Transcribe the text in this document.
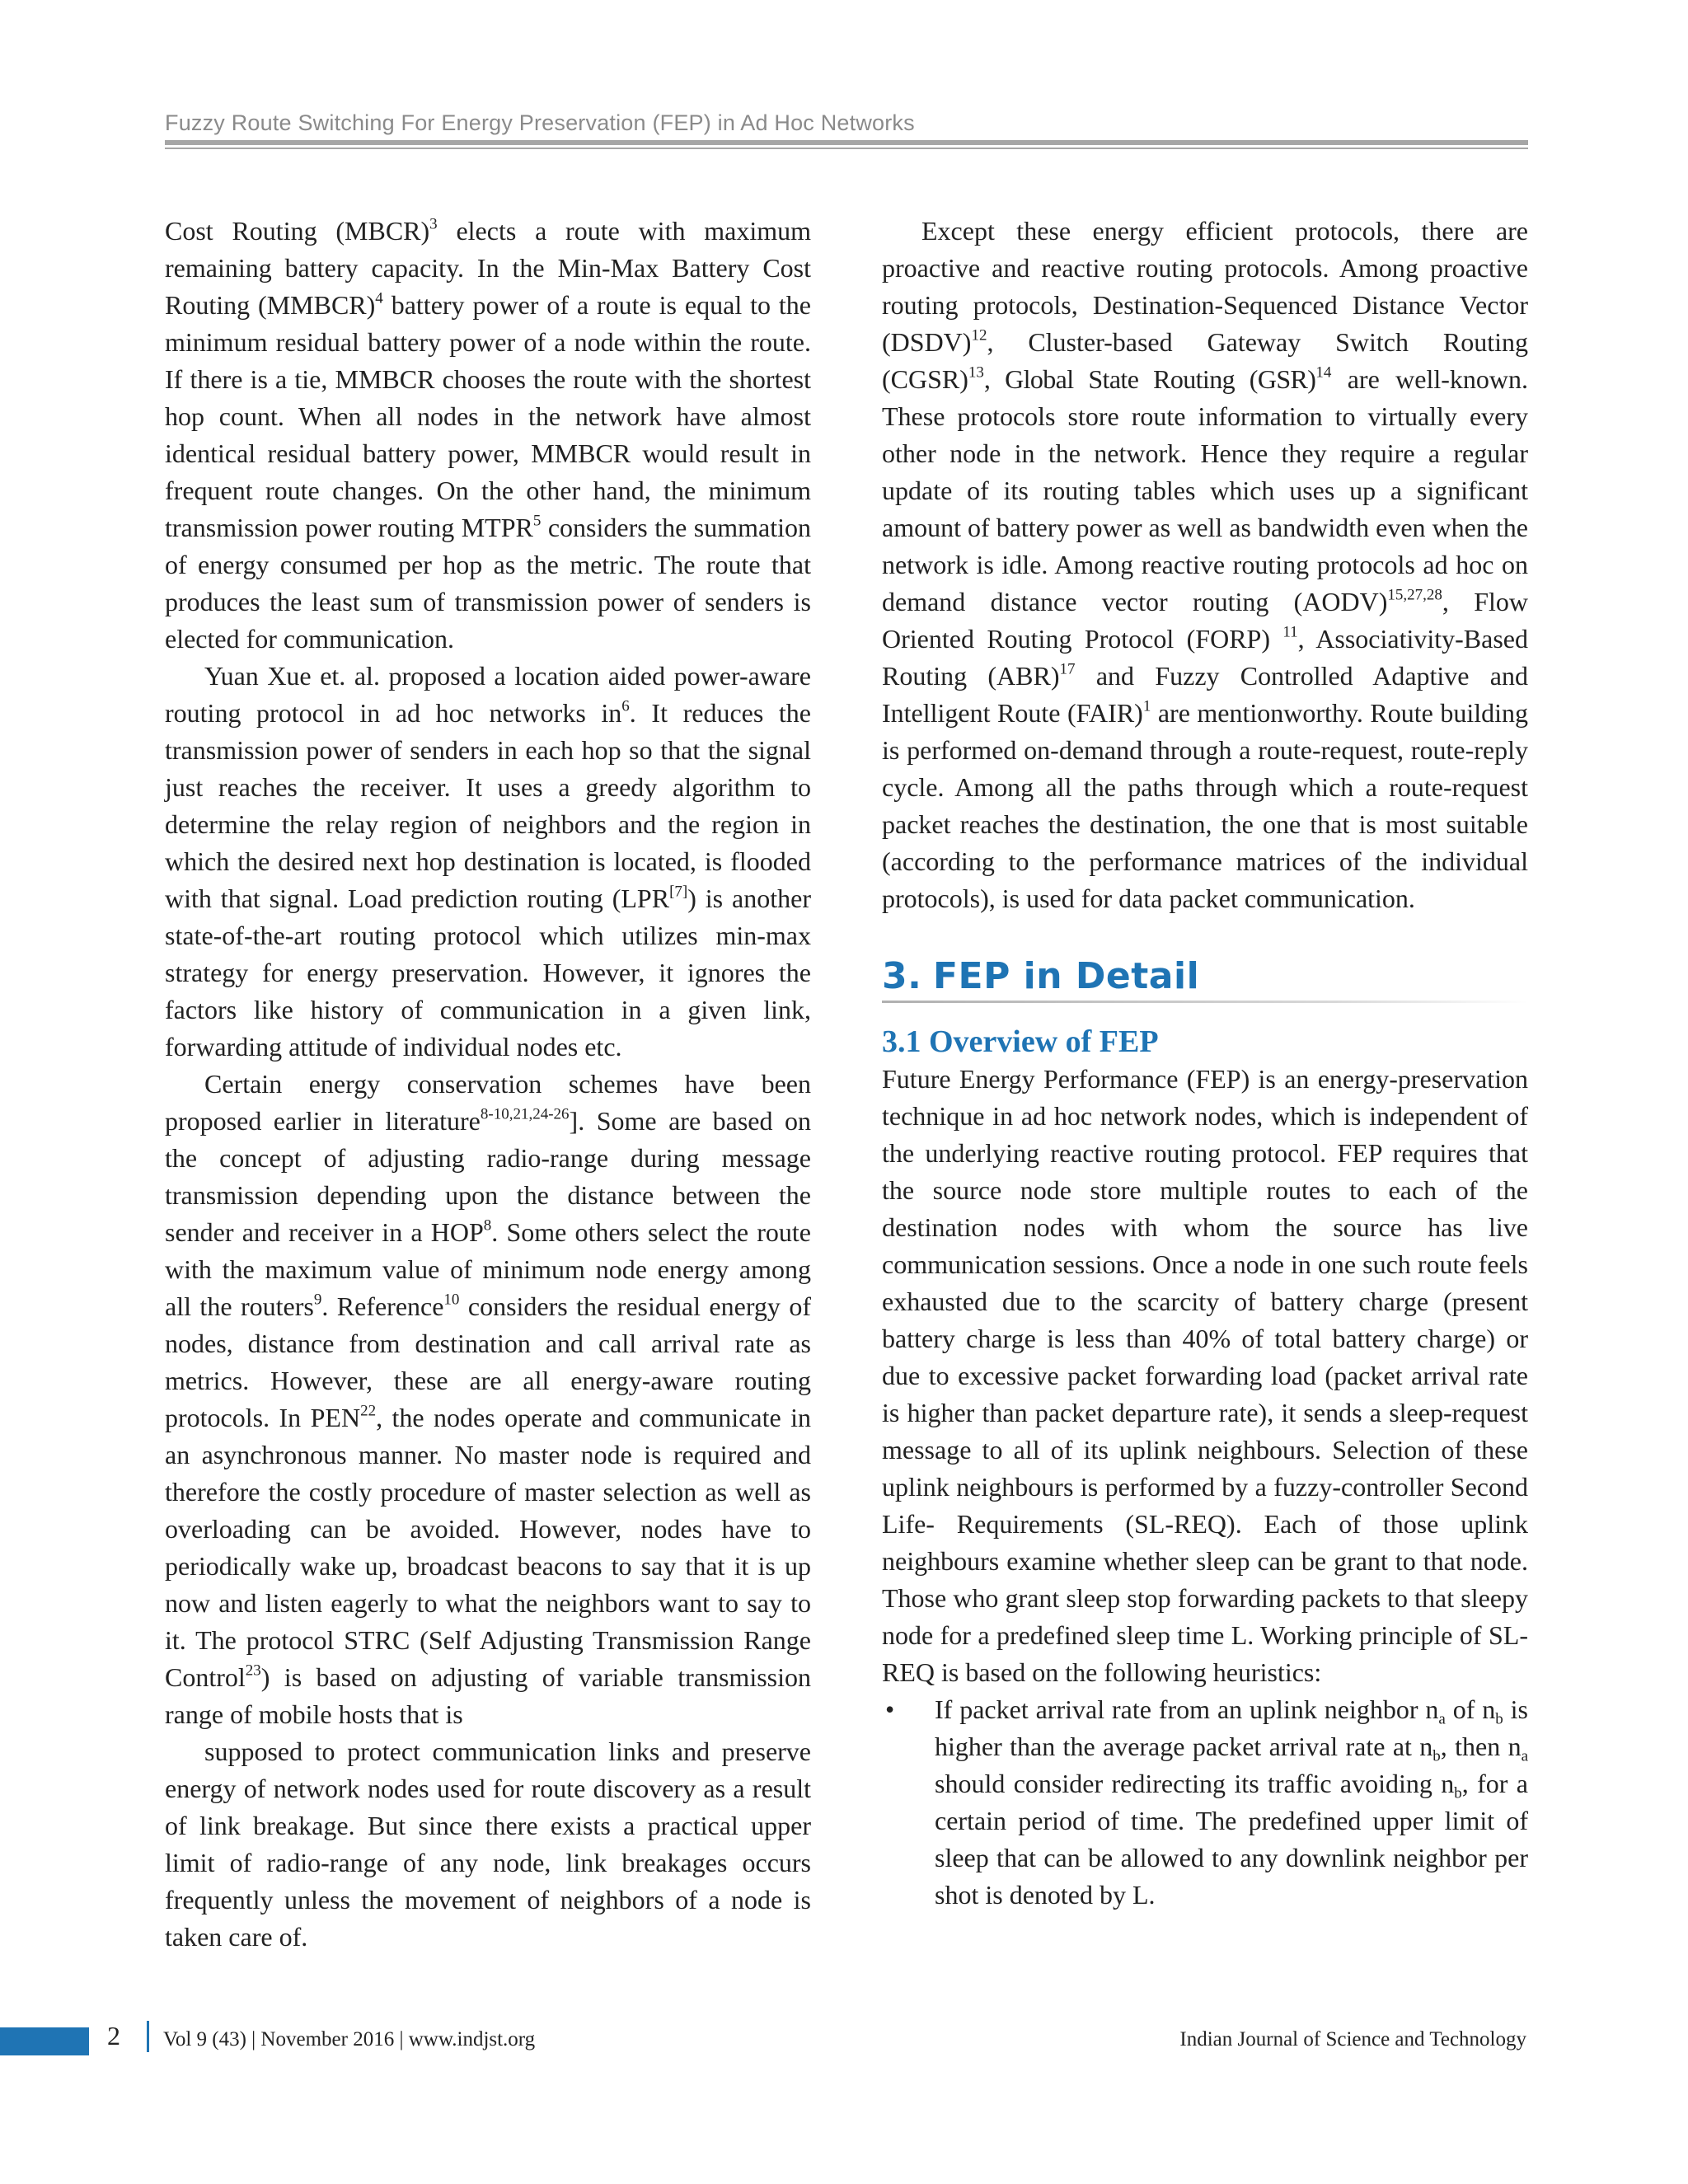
Fuzzy Route Switching For Energy Preservation (FEP) in Ad Hoc Networks

Cost Routing (MBCR)$^3$ elects a route with maximum remaining battery capacity. In the Min-Max Battery Cost Routing (MMBCR)$^4$ battery power of a route is equal to the minimum residual battery power of a node within the route. If there is a tie, MMBCR chooses the route with the shortest hop count. When all nodes in the network have almost identical residual battery power, MMBCR would result in frequent route changes. On the other hand, the minimum transmission power routing MTPR$^5$ considers the summation of energy consumed per hop as the metric. The route that produces the least sum of transmission power of senders is elected for communication.

Yuan Xue et. al. proposed a location aided power-aware routing protocol in ad hoc networks $in^6$. It reduces the transmission power of senders in each hop so that the signal just reaches the receiver. It uses a greedy algorithm to determine the relay region of neighbors and the region in which the desired next hop destination is located, is flooded with that signal. Load prediction routing (LPR[7]) is another state-of-the-art routing protocol which utilizes min-max strategy for energy preservation. However, it ignores the factors like history of communication in a given link, forwarding attitude of individual nodes etc.

Certain energy conservation schemes have been proposed earlier in literature$^{8-10,21,24-26}$]. Some are based on the concept of adjusting radio-range during message transmission depending upon the distance between the sender and receiver in a HOP$^8$. Some others select the route with the maximum value of minimum node energy among all the routers$^9$. Reference$^{10}$ considers the residual energy of nodes, distance from destination and call arrival rate as metrics. However, these are all energy-aware routing protocols. In PEN$^{22}$, the nodes operate and communicate in an asynchronous manner. No master node is required and therefore the costly procedure of master selection as well as overloading can be avoided. However, nodes have to periodically wake up, broadcast beacons to say that it is up now and listen eagerly to what the neighbors want to say to it. The protocol STRC (Self Adjusting Transmission Range Control$^{23}$) is based on adjusting of variable transmission range of mobile hosts that is

supposed to protect communication links and preserve energy of network nodes used for route discovery as a result of link breakage. But since there exists a practical upper limit of radio-range of any node, link breakages occurs frequently unless the movement of neighbors of a node is taken care of.

Except these energy efficient protocols, there are proactive and reactive routing protocols. Among proactive routing protocols, Destination-Sequenced Distance Vector (DSDV)$^{12}$, Cluster-based Gateway Switch Routing (CGSR)$^{13}$, Global State Routing (GSR)$^{14}$ are well-known. These protocols store route information to virtually every other node in the network. Hence they require a regular update of its routing tables which uses up a significant amount of battery power as well as bandwidth even when the network is idle. Among reactive routing protocols ad hoc on demand distance vector routing (AODV)$^{15,27,28}$, Flow Oriented Routing Protocol (FORP) $^{11}$, Associativity-Based Routing (ABR)$^{17}$ and Fuzzy Controlled Adaptive and Intelligent Route (FAIR)$^1$ are mentionworthy. Route building is performed on-demand through a route-request, route-reply cycle. Among all the paths through which a route-request packet reaches the destination, the one that is most suitable (according to the performance matrices of the individual protocols), is used for data packet communication.

3. FEP in Detail
3.1 Overview of FEP

Future Energy Performance (FEP) is an energy-preservation technique in ad hoc network nodes, which is independent of the underlying reactive routing protocol. FEP requires that the source node store multiple routes to each of the destination nodes with whom the source has live communication sessions. Once a node in one such route feels exhausted due to the scarcity of battery charge (present battery charge is less than 40% of total battery charge) or due to excessive packet forwarding load (packet arrival rate is higher than packet departure rate), it sends a sleep-request message to all of its uplink neighbours. Selection of these uplink neighbours is performed by a fuzzy-controller Second Life- Requirements (SL-REQ). Each of those uplink neighbours examine whether sleep can be grant to that node. Those who grant sleep stop forwarding packets to that sleepy node for a predefined sleep time L. Working principle of SL-REQ is based on the following heuristics:

•	If packet arrival rate from an uplink neighbor $n_a$ of $n_b$ is higher than the average packet arrival rate at $n_b$, then $n_a$ should consider redirecting its traffic avoiding $n_b$, for a certain period of time. The predefined upper limit of sleep that can be allowed to any downlink neighbor per shot is denoted by L.
2 Vol 9 (43) | November 2016 | www.indjst.org	Indian Journal of Science and Technology
